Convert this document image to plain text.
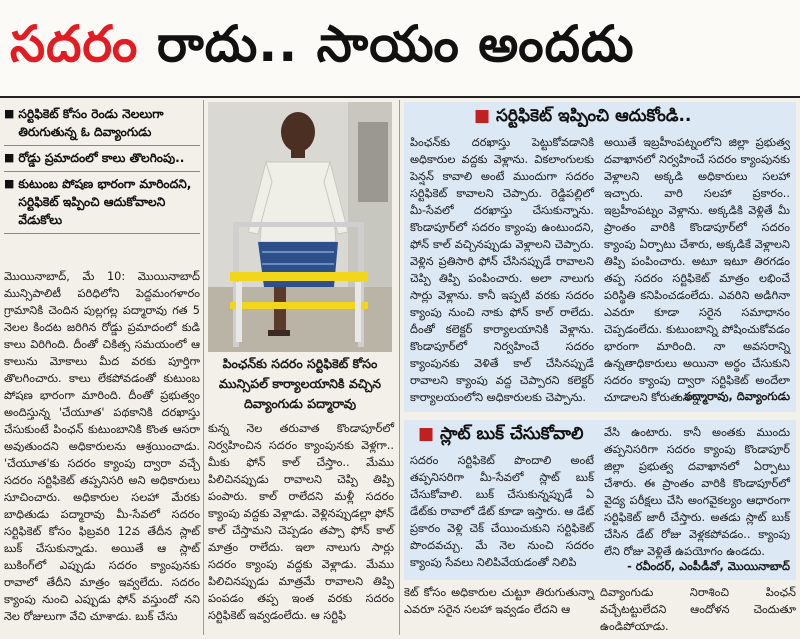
సదరం రాదు.. సాయం అందదు
■ సర్టిఫికెట్‌ కోసం రెండు నెలలుగా తిరుగుతున్న ఓ దివ్యాంగుడు
■ రోడ్డు ప్రమాదంలో కాలు తొలగింపు..
■ కుటుంబ పోషణ భారంగా మారిందని, సర్టిఫికెట్‌ ఇప్పించి ఆదుకోవాలని వేడుకోలు
మొయినాబాద్‌, మే 10: మొయినాబాద్‌ మున్సిపాలిటీ పరిధిలోని పెద్దమంగళారం గ్రామానికి చెందిన పుల్లగల్ల పద్మారావు గత 5 నెలల కిందట జరిగిన రోడ్డు ప్రమాదంలో కుడి కాలు విరిగింది. దీంతో చికిత్స సమయంలో ఆ కాలును మోకాలు మీద వరకు పూర్తిగా తొలగించారు. కాలు లేకపోవడంతో కుటుంబ పోషణ భారంగా మారింది. దీంతో ప్రభుత్వం అందిస్తున్న 'చేయూత' పథకానికి దరఖాస్తు చేసుకుంటే పింఛన్‌ కుటుంబానికి కొంత ఆసరా అవుతుందని అధికారులను ఆశ్రయించాడు. 'చేయూత'కు సదరం క్యాంపు ద్వారా వచ్చే సదరం సర్టిఫికెట్‌ తప్పనిసరి అని అధికారులు సూచించారు. అధికారుల సలహా మేరకు బాధితుడు పద్మారావు మీ-సేవలో సదరం సర్టిఫికెట్‌ కోసం ఫిబ్రవరి 12వ తేదీన స్లాట్‌ బుక్‌ చేసుకున్నాడు. అయితే ఆ స్లాట్‌ బుకింగ్‌లో ఎప్పుడు సదరం క్యాంపునకు రావాలో తేదీని మాత్రం ఇవ్వలేదు. సదరం క్యాంపు నుంచి ఎప్పుడు ఫోన్‌ వస్తుందో నని నెల రోజులుగా వేచి చూశాడు. బుక్‌ చేసు
పింఛన్‌కు సదరం సర్టిఫికెట్‌ కోసం మున్సిపల్‌ కార్యాలయానికి వచ్చిన దివ్యాంగుడు పద్మారావు
కున్న నెల తరువాత కొండాపూర్‌లో నిర్వహించిన సదరం క్యాంపునకు వెళ్లగా.. మీకు ఫోన్‌ కాల్‌ చేస్తాం.. మేము పిలిచినప్పుడు రావాలని చెప్పి తిప్పి పంపారు. కాల్‌ రాలేదని మళ్లీ సదరం క్యాంపు వద్దకు వెళ్లాడు. వెళ్లినప్పుడల్లా ఫోన్‌ కాల్‌ చేస్తామని చెప్పడం తప్పా ఫోన్‌ కాల్‌ మాత్రం రాలేదు. ఇలా నాలుగు సార్లు సదరం క్యాంపు వద్దకు వెళ్లాడు. మేము పిలిచినప్పుడు మాత్రమే రావాలని తిప్పి పంపడం తప్ప ఇంత వరకు సదరం సర్టిఫికెట్‌ ఇవ్వడంలేదు. ఆ సర్టిఫి
■ సర్టిఫికెట్‌ ఇప్పించి ఆదుకోండి..
పింఛన్‌కు దరఖాస్తు పెట్టుకోవడానికి అధికారుల వద్దకు వెళ్లాను. వికలాంగులకు పెన్షన్‌ కావాలి అంటే ముందుగా సదరం సర్టిఫికెట్‌ కావాలని చెప్పారు. రెడ్డిపల్లిలో మీ-సేవలో దరఖాస్తు చేసుకున్నాను. కొండాపూర్‌లో సదరం క్యాంపు ఉంటుందని, ఫోన్‌ కాల్‌ వచ్చినప్పుడు వెళ్లాలని చెప్పారు. వెళ్లిన ప్రతిసారి ఫోన్‌ చేసినప్పుడే రావాలని చెప్పి తిప్పి పంపించారు. అలా నాలుగు సార్లు వెళ్లాను. కానీ ఇప్పటి వరకు సదరం క్యాంపు నుంచి నాకు ఫోన్‌ కాల్‌ రాలేదు. దీంతో కలెక్టర్‌ కార్యాలయానికి వెళ్లాను. కొండాపూర్‌లో నిర్వహించే సదరం క్యాంపునకు వెళితే కాల్‌ చేసినప్పుడే రావాలని క్యాంపు వద్ద చెప్పారని కలెక్టర్‌ కార్యాలయంలోని అధికారులకు చెప్పాను.
అయితే ఇబ్రహీంపట్నంలోని జిల్లా ప్రభుత్వ దవాఖానలో నిర్వహించే సదరం క్యాంపునకు వెళ్లాలని అక్కడి అధికారులు సలహా ఇచ్చారు. వారి సలహా ప్రకారం.. ఇబ్రహీంపట్నం వెళ్లాను. అక్కడికి వెళ్లితే మీ ప్రాంతం వారికి కొండాపూర్‌లో సదరం క్యాంపు ఏర్పాటు చేశారు, అక్కడికే వెళ్లాలని తిప్పి పంపించారు. అటూ ఇటూ తిరగడం తప్ప సదరం సర్టిఫికెట్‌ మాత్రం లభించే పరిస్థితి కనిపించడంలేదు. ఎవరిని అడిగినా ఎవరూ కూడా సరైన సమాధానం చెప్పడంలేదు. కుటుంబాన్ని పోషించుకోవడం భారంగా మారింది. నా అవసరాన్ని ఉన్నతాధికారులు అయినా అర్థం చేసుకుని సదరం క్యాంపు ద్వారా సర్టిఫికెట్‌ అందేలా చూడాలని కోరుతున్నా.
- పద్మారావు, దివ్యాంగుడు
■ స్లాట్‌ బుక్‌ చేసుకోవాలి
సదరం సర్టిఫికెట్‌ పొందాలి అంటే తప్పనిసరిగా మీ-సేవలో స్లాట్‌ బుక్‌ చేసుకోవాలి. బుక్‌ చేసుకున్నప్పుడే ఏ డేట్‌కు రావాలో డేట్‌ కూడా ఇస్తారు. ఆ డేట్‌ ప్రకారం వెళ్లి చెక్‌ చేయించుకుని సర్టిఫికెట్‌ పొందవచ్చు. మే నెల నుంచి సదరం క్యాంపు సేవలు నిలిపివేయడంతో నిలిపి
వేసి ఉంటారు. కానీ అంతకు ముందు తప్పనిసరిగా సదరం క్యాంపు కొండాపూర్‌ జిల్లా ప్రభుత్వ దవాఖానలో ఏర్పాటు చేశారు. ఈ ప్రాంతం వారికి కొండాపూర్‌లో వైద్య పరీక్షలు చేసి అంగవైకల్యం ఆధారంగా సర్టిఫికెట్‌ జారీ చేస్తారు. అతడు స్లాట్‌ బుక్‌ చేసిన డేట్‌ రోజు వెళ్లకపోవడం.. క్యాంపు లేని రోజు వెళ్లితే ఉపయోగం ఉండదు.
- రవీందర్‌, ఎంపీడీవో, మొయినాబాద్‌
కెట్‌ కోసం అధికారుల చుట్టూ తిరుగుతున్నా ఎవరూ సరైన సలహా ఇవ్వడం లేదని ఆ
దివ్యాంగుడు నిరాశించి పింఛన్‌ వచ్చేటట్టులేదని ఆందోళన చెందుతూ ఉండిపోయాడు.
